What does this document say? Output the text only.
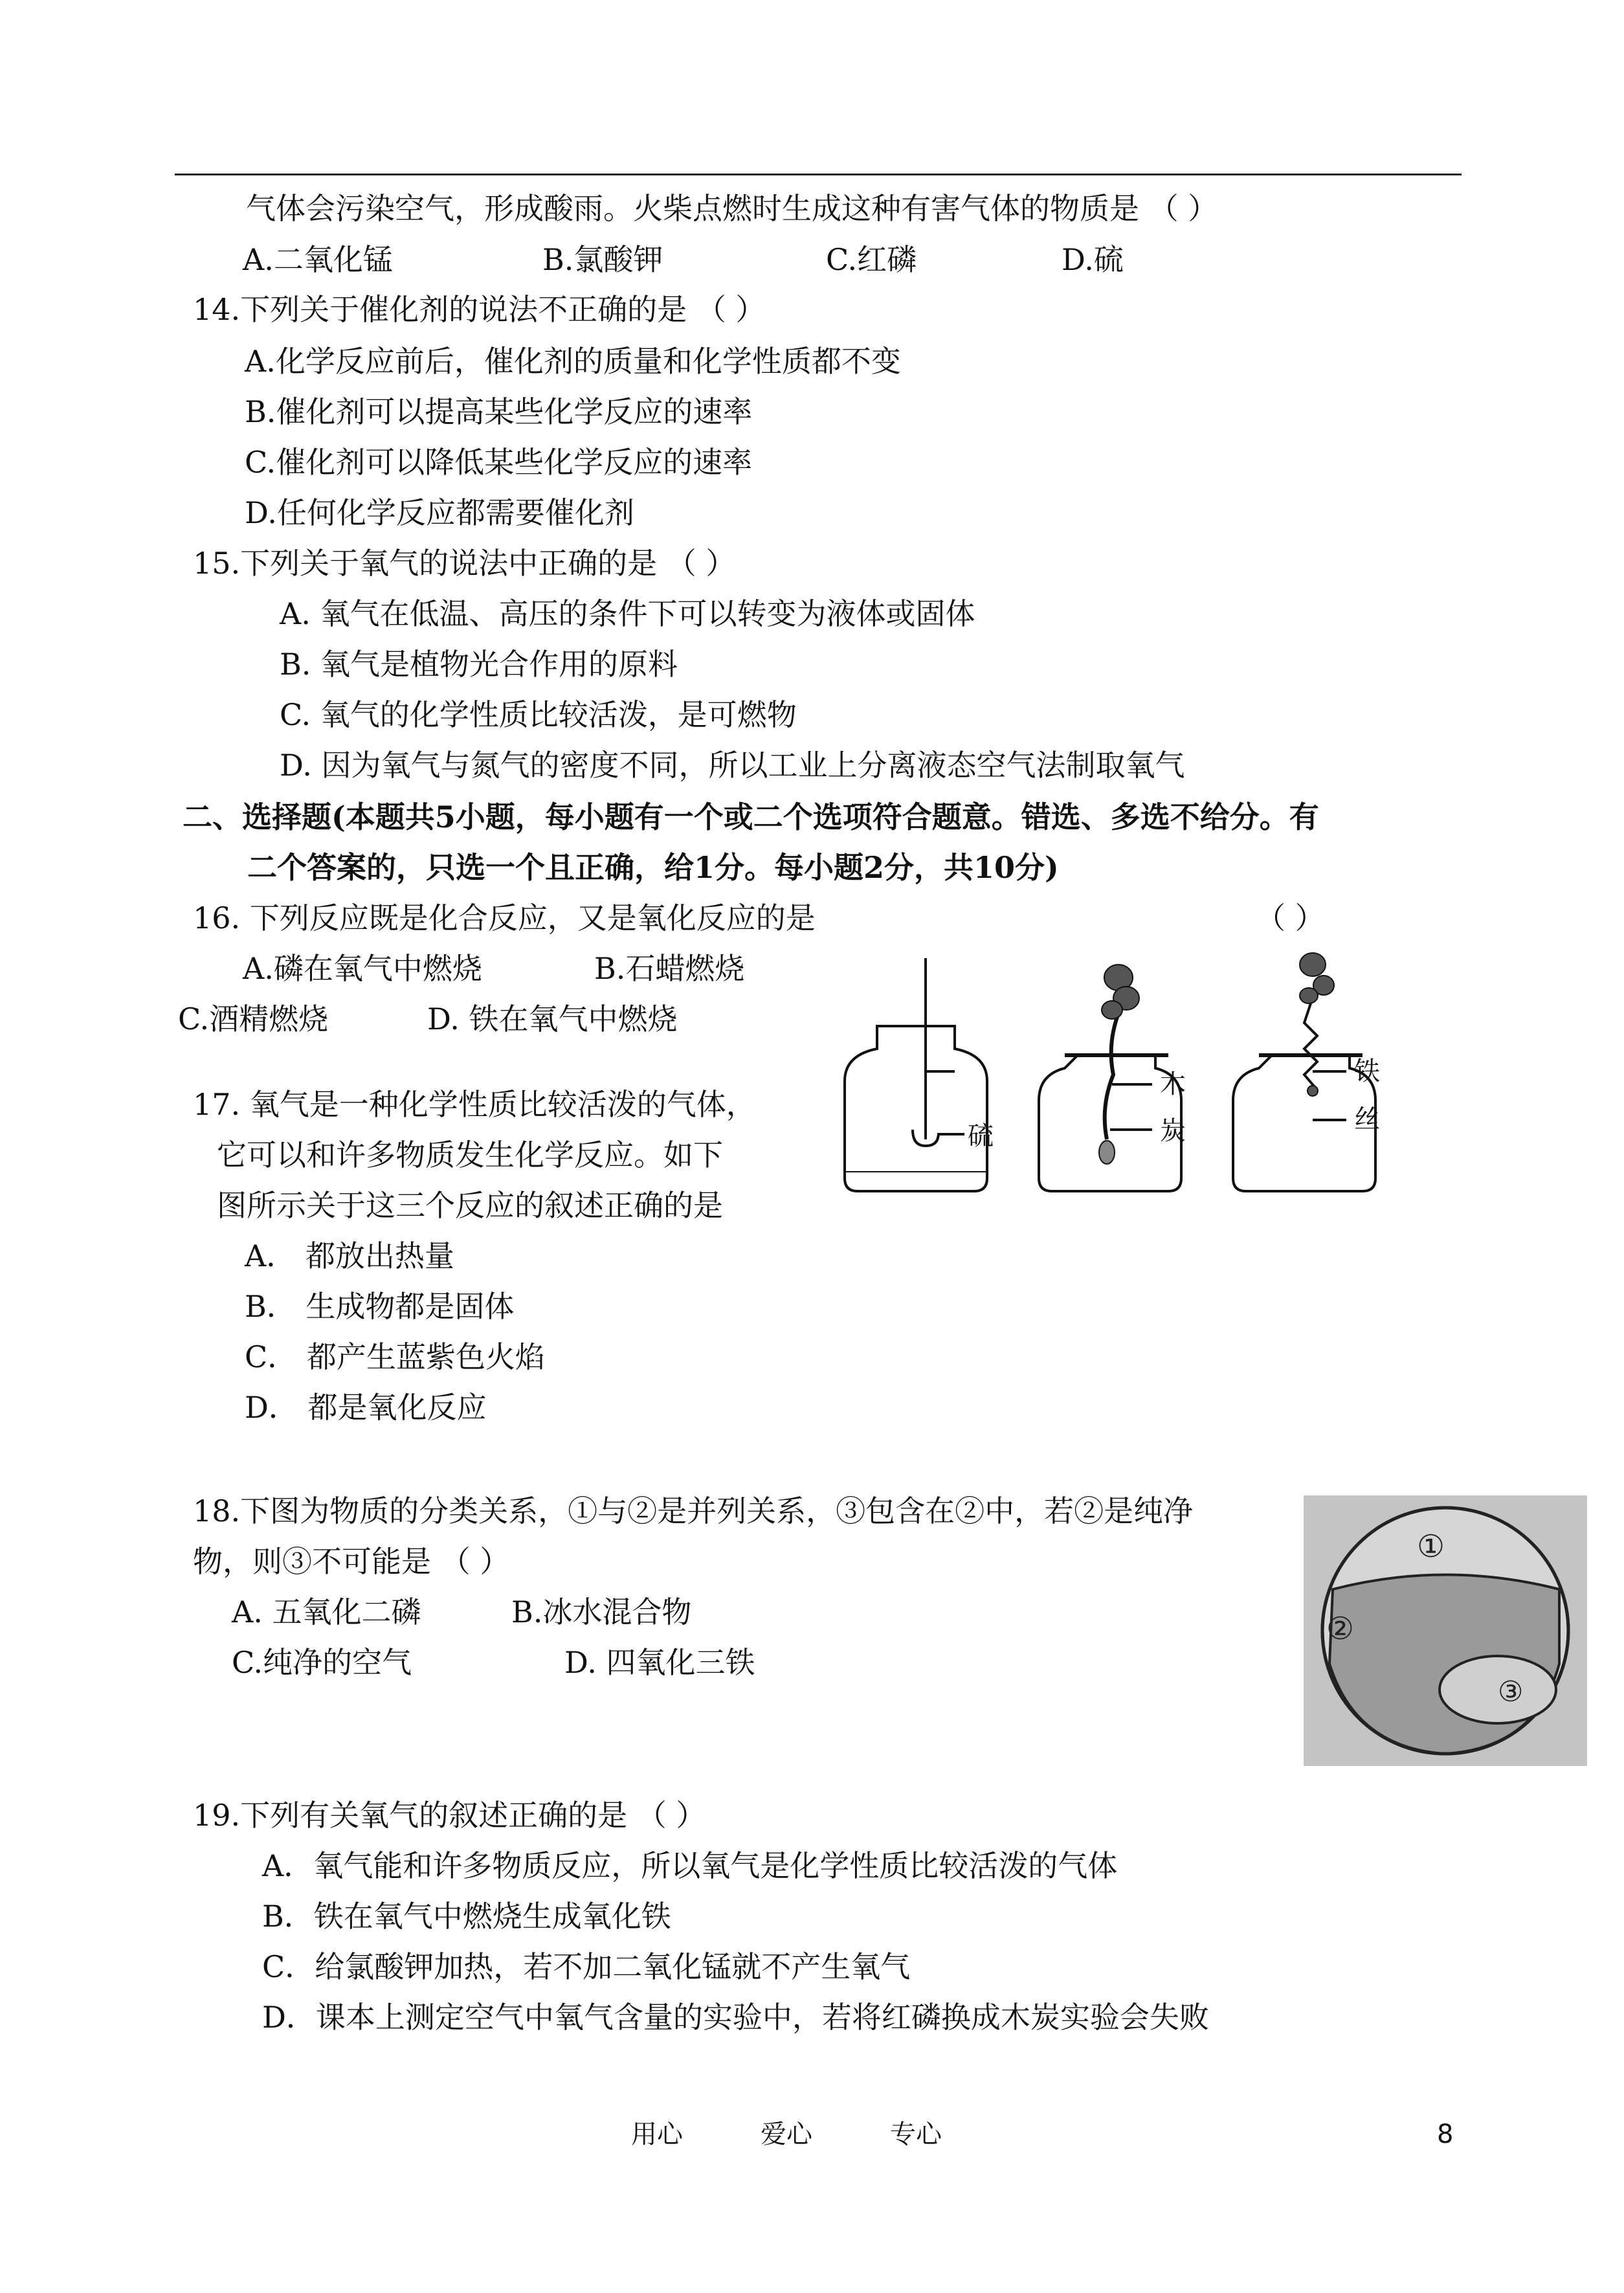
气体会污染空气，形成酸雨。火柴点燃时生成这种有害气体的物质是 （ ）
A.二氧化锰	B.氯酸钾	C.红磷	D.硫
14.下列关于催化剂的说法不正确的是 （ ）
A.化学反应前后，催化剂的质量和化学性质都不变
B.催化剂可以提高某些化学反应的速率
C.催化剂可以降低某些化学反应的速率
D.任何化学反应都需要催化剂
15.下列关于氧气的说法中正确的是 （ ）
A. 氧气在低温、高压的条件下可以转变为液体或固体
B. 氧气是植物光合作用的原料
C. 氧气的化学性质比较活泼，是可燃物
D. 因为氧气与氮气的密度不同，所以工业上分离液态空气法制取氧气
二、选择题(本题共5小题，每小题有一个或二个选项符合题意。错选、多选不给分。有
二个答案的，只选一个且正确，给1分。每小题2分，共10分)
16. 下列反应既是化合反应，又是氧化反应的是	（ ）
A.磷在氧气中燃烧	B.石蜡燃烧
C.酒精燃烧	D. 铁在氧气中燃烧
17. 氧气是一种化学性质比较活泼的气体，
它可以和许多物质发生化学反应。如下
图所示关于这三个反应的叙述正确的是
A． 都放出热量
B． 生成物都是固体
C． 都产生蓝紫色火焰
D． 都是氧化反应
18.下图为物质的分类关系，①与②是并列关系，③包含在②中，若②是纯净
物，则③不可能是 （ ）
A. 五氧化二磷	B.冰水混合物
C.纯净的空气	D. 四氧化三铁
19.下列有关氧气的叙述正确的是 （ ）
A．氧气能和许多物质反应，所以氧气是化学性质比较活泼的气体
B．铁在氧气中燃烧生成氧化铁
C．给氯酸钾加热，若不加二氧化锰就不产生氧气
D．课本上测定空气中氧气含量的实验中，若将红磷换成木炭实验会失败
硫
木
炭
铁
丝
①
②
③
用心	爱心	专心	8
